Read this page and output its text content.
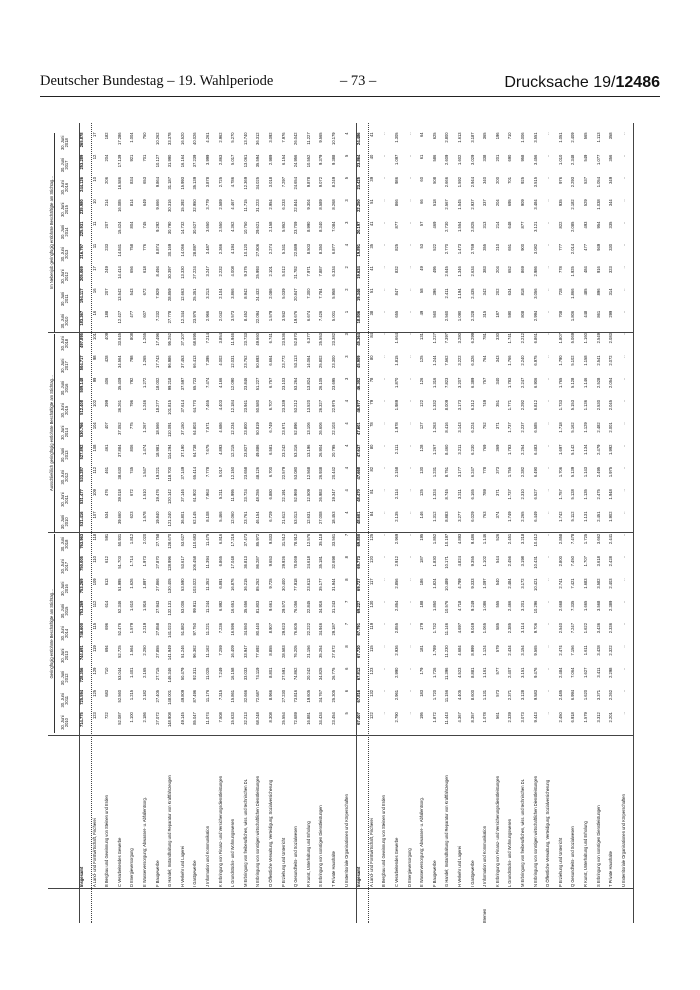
Deutscher Bundestag – 19. Wahlperiode	– 73 –	Drucksache 19/12486
Geringfügig entlohnte Beschäftigte am Stichtag…
Ausschließlich geringfügig entlohnte Beschäftigte am Stichtag…
Im Nebenjob geringfügig entlohnte Beschäftigte am Stichtag…
30. Juni 2010
30. Juni 2011
30. Juni 2012
30. Juni 2013
30. Juni 2014
30. Juni 2015
30. Juni 2016
30. Juni 2017
30. Juni 2018
30. Juni 2010
30. Juni 2011
30. Juni 2012
30. Juni 2013
30. Juni 2014
30. Juni 2015
30. Juni 2016
30. Juni 2017
30. Juni 2018
30. Juni 2010
30. Juni 2011
30. Juni 2012
30. Juni 2013
30. Juni 2014
30. Juni 2015
30. Juni 2016
30. Juni 2017
30. Juni 2018
Insgesamt
714.775
725.594
728.356
744.691
746.600
753.269
753.269
750.005
763.963
531.416
531.477
533.287
527.892
530.766
512.408
509.148
504.717
497.895
183.367
194.117
205.069
216.797
225.931
235.980
244.126
253.289
265.878
A Land- und Forstwirtschaft, Fischerei
123
125
129
119
115
112
109
110
118
107
109
112
108
104
102
99
98
101
16
16
17
11
11
10
10
12
17
B Bergbau und Gewinnung von Steinen und Erden
722
683
710
694
696
614
613
612
591
534
476
461
461
407
399
406
428
409
188
207
249
233
207
214
206
204
182
C Verarbeitendes Gewerbe
52.087
52.560
53.044
52.725
52.476
52.346
51.995
51.703
50.931
39.660
39.018
38.630
37.884
37.052
36.261
35.409
34.564
33.645
12.427
13.542
14.414
14.841
15.424
16.085
16.586
17.139
17.286
D Energieversorgung
1.100
1.215
1.401
1.564
1.579
1.610
1.626
1.714
1.812
623
672
745
806
775
796
792
798
808
477
543
656
758
804
814
834
921
1.004
E Wasserversorgung; Abwasser- u. Abfallentsorg.
2.186
2.182
2.165
2.250
2.219
1.916
1.897
1.973
2.020
1.578
1.510
1.547
1.474
1.267
1.246
1.272
1.265
1.265
607
672
618
776
745
649
653
701
750
F Baugewerbe
27.072
27.405
27.715
27.855
27.858
27.943
27.866
27.870
27.758
19.840
19.476
19.221
18.981
18.566
18.277
18.002
17.743
17.496
7.232
7.929
8.494
8.874
9.292
9.666
9.864
10.127
10.262
G Handel; Instandhaltung und Reparatur von Kraftfahrzeugen
148.908
148.001
146.346
141.949
141.023
132.131
130.405
128.996
128.670
121.240
120.142
118.700
114.294
110.091
101.815
99.218
96.986
95.252
27.778
28.859
30.397
30.169
30.790
30.316
31.187
31.990
33.378
H Verkehr und Lagerei
49.145
49.809
50.479
51.246
51.882
53.006
53.590
53.617
53.627
36.801
37.146
37.149
37.190
37.150
37.614
37.597
37.453
37.107
12.344
12.663
13.330
14.056
14.732
15.392
15.993
16.164
16.520
I Gastgewerbe
85.047
87.496
92.311
96.362
97.750
99.911
103.022
106.458
110.683
62.145
61.902
65.414
64.738
64.803
64.770
65.723
66.413
68.695
23.976
25.351
27.224
28.897
30.627
32.950
35.139
37.239
40.026
J Information und Kommunikation
11.074
11.176
11.025
11.162
11.221
11.244
11.352
11.394
11.475
8.108
7.963
7.778
7.675
7.571
7.465
7.474
7.395
7.214
2.966
3.213
3.247
3.487
3.650
3.779
3.878
3.999
4.261
K Erbringung von Finanz- und Versicherungsdienstleistungen
7.508
7.315
7.249
7.259
7.236
6.992
6.891
6.865
6.816
5.466
5.211
5.017
4.893
4.686
4.403
4.166
4.002
3.854
2.042
2.104
2.232
2.366
2.550
2.589
2.725
2.863
2.962
L Grundstücks- und Wohnungswesen
15.633
15.861
16.158
16.409
16.596
16.651
16.876
17.048
17.216
12.060
11.995
12.150
12.215
12.234
12.184
12.090
12.031
11.946
3.573
3.866
4.008
4.194
4.362
4.467
4.786
5.017
5.270
M Erbringung von freiberuflichen, wiss. und technischen DL
32.213
32.666
33.033
33.947
34.550
35.656
36.215
36.813
37.473
23.761
23.724
23.658
23.827
23.800
23.941
23.846
23.752
23.733
8.452
8.942
9.375
10.120
10.750
11.715
12.369
13.061
13.740
N Erbringung von sonstigen wirtschaftlichen Dienstleistungen
68.248
72.687
74.119
77.692
80.440
81.803
85.252
86.287
85.972
46.154
48.255
48.126
49.886
50.819
50.580
51.227
50.693
49.660
22.094
24.432
25.993
27.806
29.621
31.223
34.025
35.594
36.312
O Öffentliche Verwaltung, Verteidigung; Sozialversicherung
8.308
8.966
8.801
8.855
8.907
9.661
9.725
9.653
9.833
6.729
6.880
6.700
6.581
6.749
6.707
6.757
6.664
6.741
1.579
2.086
2.101
2.274
2.158
2.954
3.018
2.989
3.092
P Erziehung und Unterricht
25.554
27.230
27.591
28.583
29.623
29.572
30.400
29.926
31.512
21.612
22.191
22.579
23.242
23.671
23.339
23.103
23.772
23.536
3.942
5.039
5.012
5.341
5.952
6.233
7.297
6.154
7.976
Q Gesundheits- und Sozialwesen
72.689
73.816
74.862
76.205
76.605
76.056
77.918
78.069
78.912
53.013
52.969
53.080
53.316
52.896
53.212
53.264
53.113
52.870
19.676
20.847
21.782
22.889
23.709
22.844
24.654
24.956
26.042
R Kunst, Unterhaltung und Erholung
16.881
19.605
20.242
21.156
22.222
22.845
23.613
24.618
12.576
12.631
12.509
12.568
13.196
13.106
13.520
13.824
14.064
6.377
6.674
7.300
7.971
8.503
8.990
9.304
9.878
10.552
11.227
S Erbringung von sonstigen Dienstleistungen
34.434
34.767
34.825
35.254
34.946
34.916
35.177
35.181
35.118
27.008
26.983
26.938
26.904
26.606
26.327
26.105
25.802
25.553
7.426
7.784
7.887
8.350
8.340
8.589
9.072
9.379
9.565
T Private Haushalte
23.454
25.305
26.775
27.672
29.187
31.243
31.944
32.698
33.561
18.453
19.347
20.442
20.795
22.103
22.975
23.695
23.300
23.382
5.001
5.958
6.334
6.877
7.084
8.268
8.249
9.388
10.179
U Exterritoriale Organisationen und Körperschaften
5
6
6
8
7
7
8
8
7
4
4
4
4
4
4
3
3
3
1
2
2
4
3
3
5
5
4
Bremen
Insgesamt
67.407
67.816
67.812
67.720
67.791
69.227
69.727
69.773
69.850
48.601
48.470
47.668
47.637
47.601
46.977
46.302
45.909
45.364
18.806
19.346
19.624
19.891
20.197
22.250
23.425
23.864
24.486
A Land- und Forstwirtschaft, Fischerei
122
132
123
115
119
130
117
120
125
84
81
82
80
78
79
78
80
84
38
51
41
35
41
51
39
40
41
B Bergbau und Gewinnung von Steinen und Erden
..
..
..
..
..
..
..
..
..
..
..
..
..
..
..
..
..
..
..
..
..
..
..
..
..
..
..
C Verarbeitendes Gewerbe
2.790
2.961
2.990
2.936
2.855
2.854
2.856
2.912
2.969
2.135
2.114
2.158
2.111
1.978
1.989
1.870
1.815
1.664
655
847
832
825
877
866
986
1.097
1.305
D Energieversorgung
..
..
..
..
..
..
..
..
..
..
..
..
..
..
..
..
..
..
..
..
..
..
..
..
..
..
..
E Wasserversorgung; Abwasser- u. Abfallentsorg.
195
183
179
181
179
188
186
187
195
146
125
130
128
127
122
126
125
131
49
58
49
53
57
66
60
61
64
F Baugewerbe
1.872
1.720
1.726
1.789
1.732
1.850
1.824
1.830
1.852
1.312
1.324
1.231
1.267
1.263
1.332
1.316
1.244
1.227
560
396
495
522
469
518
508
586
625
G Handel; Instandhaltung und Reparatur von Kraftfahrzeugen
11.443
11.156
11.396
11.230
11.146
10.576
10.489
10.171
10.197
8.883
8.745
8.751
8.460
8.416
8.009
7.823
7.562
7.397
2.560
2.411
2.645
2.770
2.730
2.567
2.666
2.609
2.800
H Verkehr und Lagerei
4.367
4.405
4.523
4.684
4.697
4.718
4.799
4.824
4.893
3.277
3.211
3.177
3.211
3.143
3.173
3.207
3.222
3.280
1.090
1.194
1.346
1.473
1.554
1.545
1.592
1.602
1.613
I Gastgewerbe
8.357
8.600
8.881
8.999
9.049
9.249
9.333
9.355
9.486
6.029
6.165
6.247
6.230
6.224
6.312
6.389
6.326
6.299
2.328
2.435
2.634
2.769
2.825
2.937
2.944
3.029
3.187
J Information und Kommunikation
1.078
1.131
1.161
1.124
1.065
1.086
1.097
1.102
1.146
763
789
778
769
752
749
757
764
781
315
342
383
355
313
337
340
338
365
K Erbringung von Finanz- und Versicherungsdienstleistungen
561
573
577
579
585
555
540
544
526
374
371
373
369
371
351
340
343
330
187
202
204
210
214
204
200
201
196
L Grundstücks- und Wohnungswesen
2.339
2.371
2.407
2.434
2.385
2.466
2.484
2.456
2.451
1.749
1.737
1.755
1.783
1.737
1.771
1.783
1.766
1.741
590
634
652
651
648
695
701
690
710
M Erbringung von freiberuflichen, wiss. und technischen DL
3.073
3.128
3.151
3.154
3.114
3.201
3.172
3.198
3.218
2.265
2.310
2.282
2.254
2.237
2.292
2.247
2.240
2.212
808
818
869
900
877
909
925
958
1.006
N Erbringung von sonstigen wirtschaftlichen Dienstleistungen
9.443
9.583
9.476
9.565
9.706
10.296
10.421
10.431
10.412
6.449
6.527
6.490
6.483
6.585
6.812
6.906
6.975
6.861
2.994
3.056
2.986
3.082
3.121
3.484
3.515
3.456
3.551
O Öffentliche Verwaltung, Verteidigung; Sozialversicherung
..
..
..
..
..
..
..
..
..
..
..
..
..
..
..
..
..
..
..
..
..
..
..
..
..
..
..
P Erziehung und Unterricht
2.450
2.485
2.484
2.474
2.540
2.668
2.741
2.800
2.858
1.742
1.757
1.706
1.697
1.718
1.733
1.765
1.790
1.807
708
728
778
777
822
935
976
1.010
1.051
Q Gesundheits- und Sozialwesen
6.918
6.994
7.064
7.156
7.247
7.335
7.421
7.450
7.478
5.112
5.128
5.139
5.142
5.162
5.153
5.128
5.102
5.069
1.806
1.866
1.925
2.014
2.085
2.182
2.293
2.348
2.409
R Kunst, Unterhaltung und Erholung
1.579
1.620
1.627
1.611
1.622
1.665
1.683
1.707
1.725
1.131
1.135
1.143
1.134
1.129
1.136
1.146
1.158
1.160
448
485
484
477
493
529
537
549
565
S Erbringung von sonstigen Dienstleistungen
3.312
3.371
3.411
3.428
3.436
3.568
3.582
3.618
3.662
2.451
2.475
2.495
2.479
2.482
2.530
2.528
2.541
2.549
861
896
916
949
954
1.038
1.054
1.077
1.113
T Private Haushalte
2.201
2.262
2.298
2.322
2.336
2.389
2.403
2.428
2.441
1.902
1.948
1.975
1.992
2.001
2.045
2.054
2.072
2.083
299
314
323
330
335
344
349
356
358
U Exterritoriale Organisationen und Körperschaften
..
..
..
..
..
..
..
..
..
..
..
..
..
..
..
..
..
..
..
..
..
..
..
..
..
..
..
